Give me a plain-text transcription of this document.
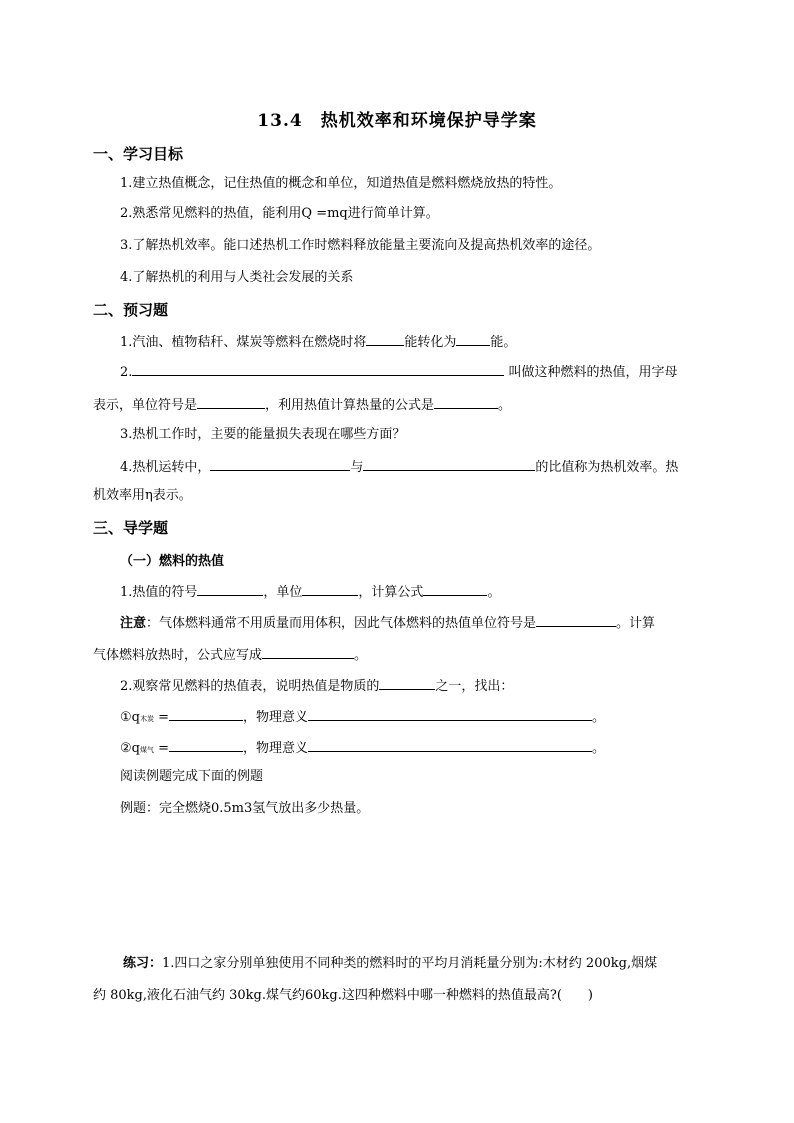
13.4　热机效率和环境保护导学案
一、学习目标
1.建立热值概念，记住热值的概念和单位，知道热值是燃料燃烧放热的特性。
2.熟悉常见燃料的热值，能利用Q =mq进行简单计算。
3.了解热机效率。能口述热机工作时燃料释放能量主要流向及提高热机效率的途径。
4.了解热机的利用与人类社会发展的关系
二、预习题
1.汽油、植物秸秆、煤炭等燃料在燃烧时将	能转化为	能。
2.	叫做这种燃料的热值，用字母
表示，单位符号是	，利用热值计算热量的公式是	。
3.热机工作时，主要的能量损失表现在哪些方面？
4.热机运转中，	与	的比值称为热机效率。热
机效率用η表示。
三、导学题
（一）燃料的热值
1.热值的符号	，单位	，计算公式	。
注意：气体燃料通常不用质量而用体积，因此气体燃料的热值单位符号是	。计算
气体燃料放热时，公式应写成	。
2.观察常见燃料的热值表，说明热值是物质的	之一，找出：
①q木炭 =	，物理意义	。
②q煤气 =	，物理意义	。
阅读例题完成下面的例题
例题：完全燃烧0.5m3氢气放出多少热量。
练习：1.四口之家分别单独使用不同种类的燃料时的平均月消耗量分别为:木材约 200kg,烟煤
约 80kg,液化石油气约 30kg.煤气约60kg.这四种燃料中哪一种燃料的热值最高?(　　)
